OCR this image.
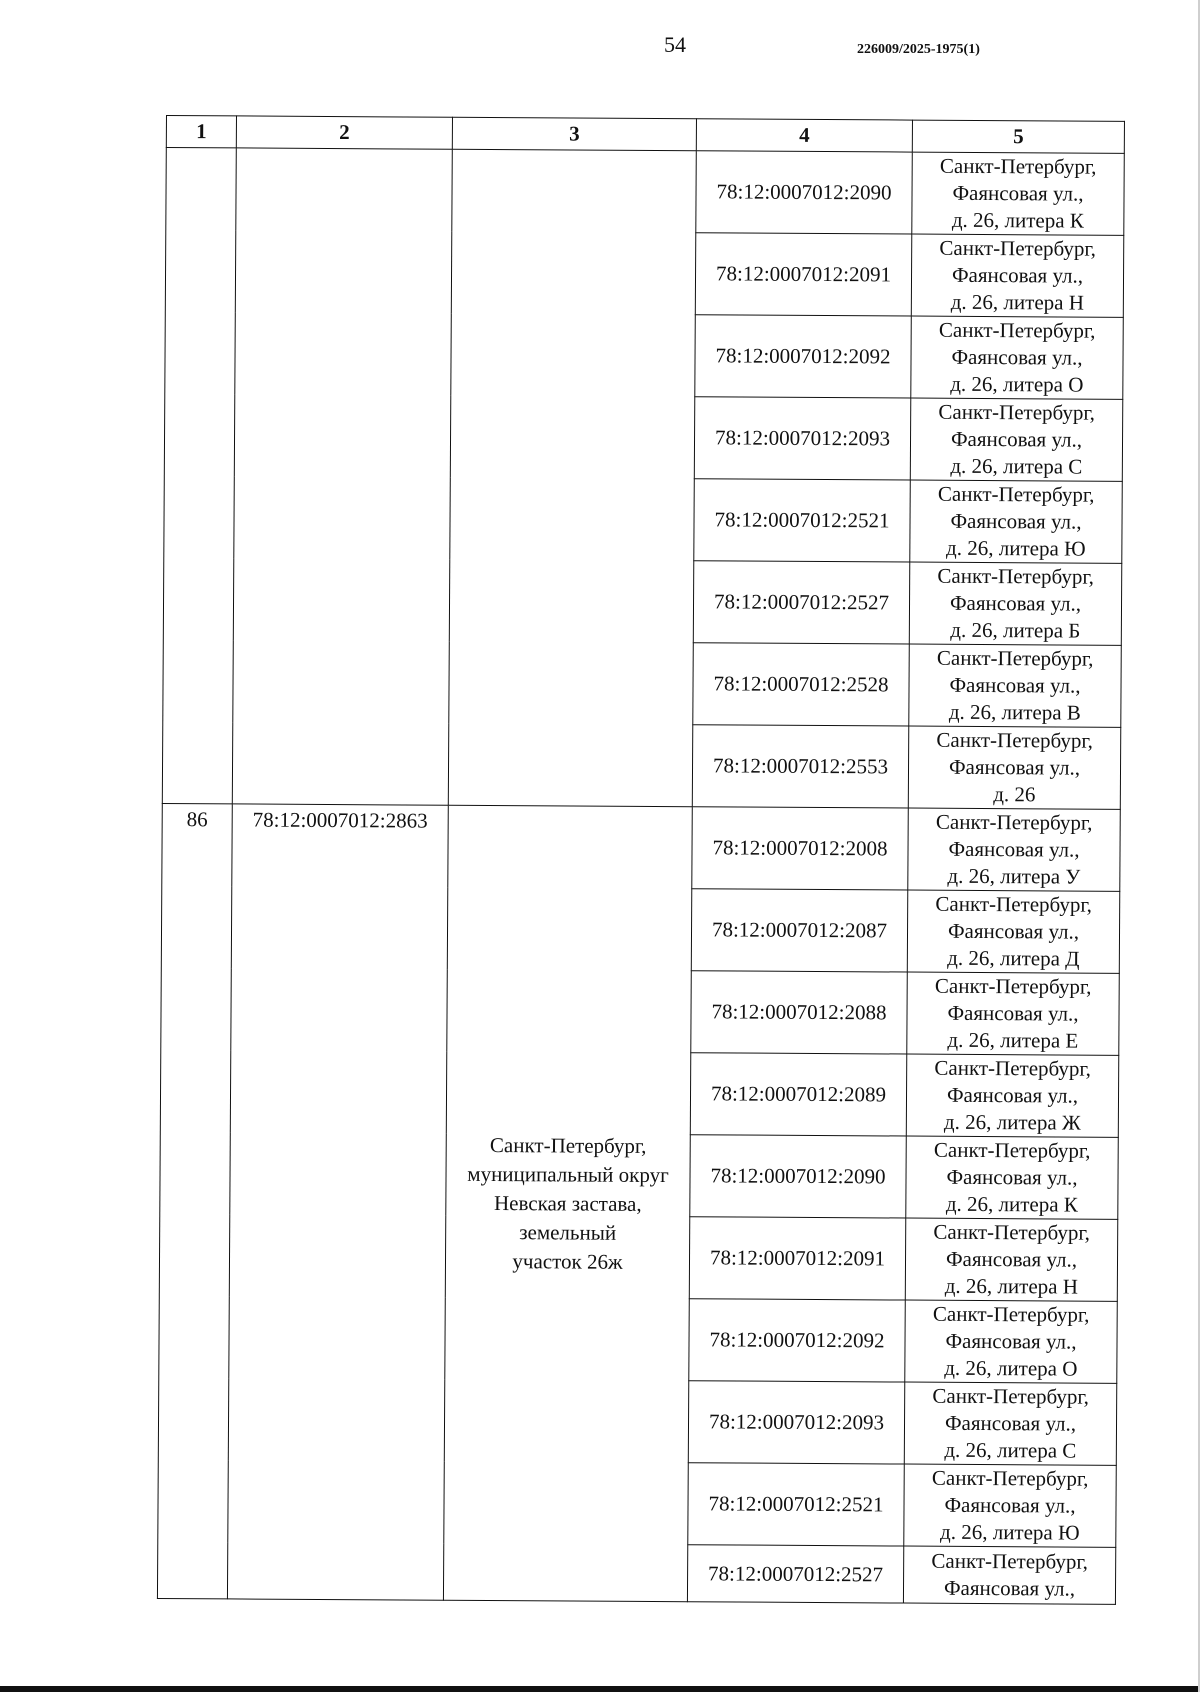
54	226009/2025-1975(1)
1	2	3	4	5
			78:12:0007012:2090	Санкт-Петербург,
Фаянсовая ул.,
д. 26, литера К

			78:12:0007012:2091	Санкт-Петербург,
Фаянсовая ул.,
д. 26, литера Н

			78:12:0007012:2092	Санкт-Петербург,
Фаянсовая ул.,
д. 26, литера О

			78:12:0007012:2093	Санкт-Петербург,
Фаянсовая ул.,
д. 26, литера С

			78:12:0007012:2521	Санкт-Петербург,
Фаянсовая ул.,
д. 26, литера Ю

			78:12:0007012:2527	Санкт-Петербург,
Фаянсовая ул.,
д. 26, литера Б

			78:12:0007012:2528	Санкт-Петербург,
Фаянсовая ул.,
д. 26, литера В

			78:12:0007012:2553	Санкт-Петербург,
Фаянсовая ул.,
д. 26

86	78:12:0007012:2863	Санкт-Петербург,
муниципальный округ
Невская застава,
земельный
участок 26ж	78:12:0007012:2008	Санкт-Петербург,
Фаянсовая ул.,
д. 26, литера У

			78:12:0007012:2087	Санкт-Петербург,
Фаянсовая ул.,
д. 26, литера Д

			78:12:0007012:2088	Санкт-Петербург,
Фаянсовая ул.,
д. 26, литера Е

			78:12:0007012:2089	Санкт-Петербург,
Фаянсовая ул.,
д. 26, литера Ж

			78:12:0007012:2090	Санкт-Петербург,
Фаянсовая ул.,
д. 26, литера К

			78:12:0007012:2091	Санкт-Петербург,
Фаянсовая ул.,
д. 26, литера Н

			78:12:0007012:2092	Санкт-Петербург,
Фаянсовая ул.,
д. 26, литера О

			78:12:0007012:2093	Санкт-Петербург,
Фаянсовая ул.,
д. 26, литера С

			78:12:0007012:2521	Санкт-Петербург,
Фаянсовая ул.,
д. 26, литера Ю

			78:12:0007012:2527	Санкт-Петербург,
Фаянсовая ул.,
